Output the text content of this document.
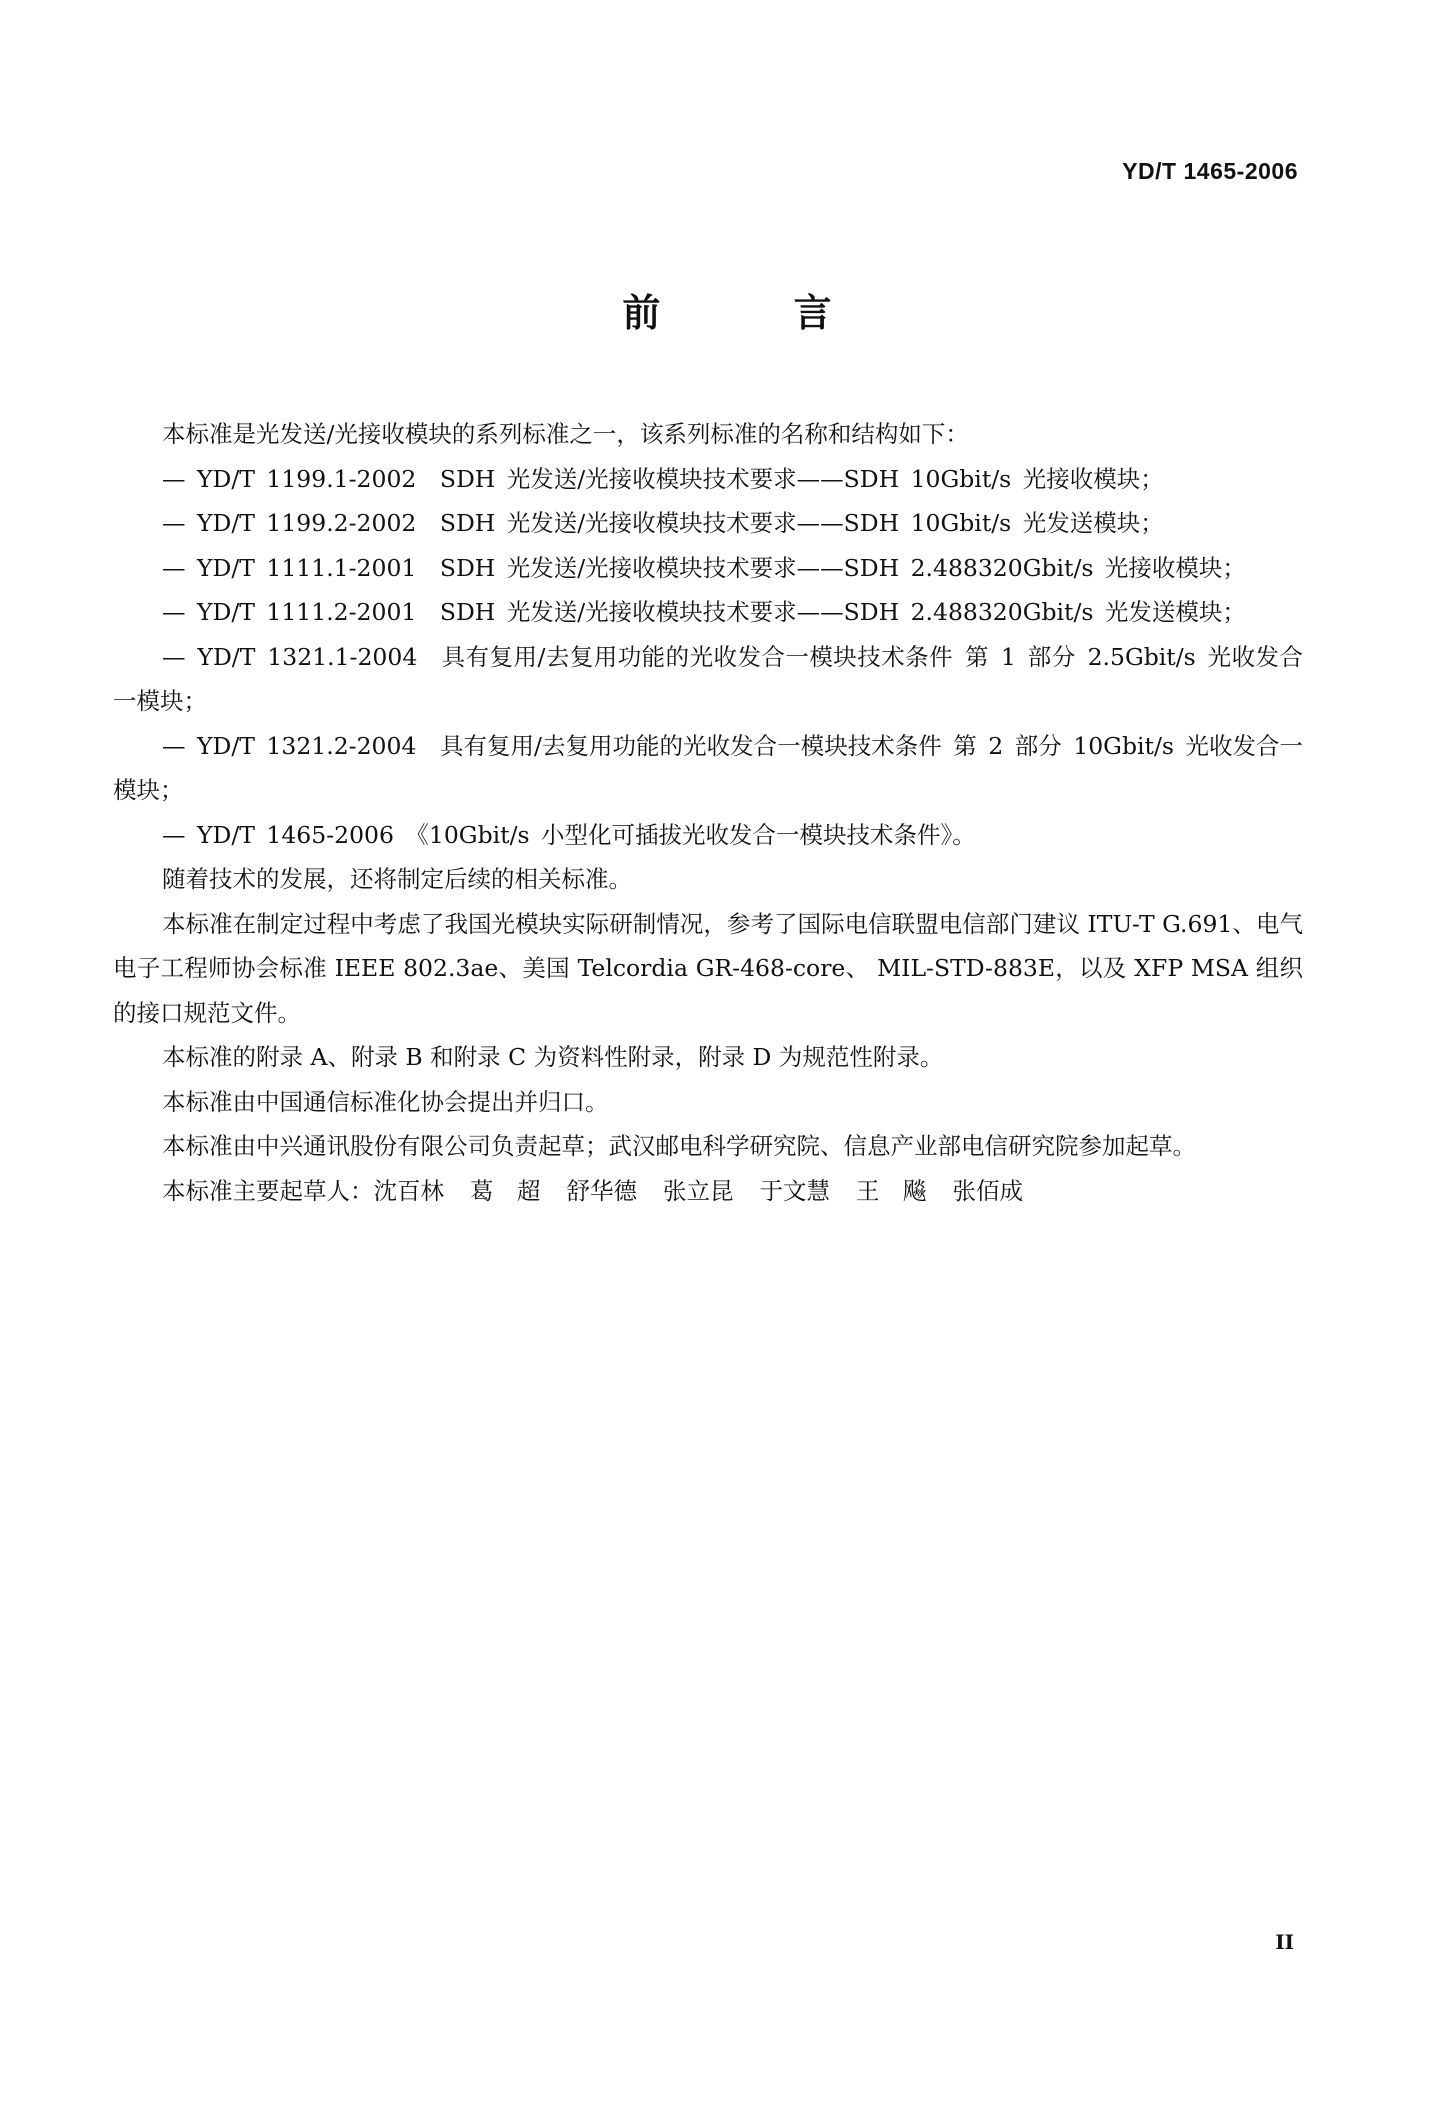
YD/T 1465-2006
前 言

本标准是光发送/光接收模块的系列标准之一，该系列标准的名称和结构如下：

— YD/T 1199.1-2002　SDH 光发送/光接收模块技术要求——SDH 10Gbit/s 光接收模块；

— YD/T 1199.2-2002　SDH 光发送/光接收模块技术要求——SDH 10Gbit/s 光发送模块；

— YD/T 1111.1-2001　SDH 光发送/光接收模块技术要求——SDH 2.488320Gbit/s 光接收模块；

— YD/T 1111.2-2001　SDH 光发送/光接收模块技术要求——SDH 2.488320Gbit/s 光发送模块；

— YD/T 1321.1-2004　具有复用/去复用功能的光收发合一模块技术条件 第 1 部分 2.5Gbit/s 光收发合一模块；

— YD/T 1321.2-2004　具有复用/去复用功能的光收发合一模块技术条件 第 2 部分 10Gbit/s 光收发合一模块；

— YD/T 1465-2006 《10Gbit/s 小型化可插拔光收发合一模块技术条件》。

随着技术的发展，还将制定后续的相关标准。

本标准在制定过程中考虑了我国光模块实际研制情况，参考了国际电信联盟电信部门建议 ITU-T G.691、电气电子工程师协会标准 IEEE 802.3ae、美国 Telcordia GR-468-core、 MIL-STD-883E，以及 XFP MSA 组织的接口规范文件。

本标准的附录 A、附录 B 和附录 C 为资料性附录，附录 D 为规范性附录。

本标准由中国通信标准化协会提出并归口。

本标准由中兴通讯股份有限公司负责起草；武汉邮电科学研究院、信息产业部电信研究院参加起草。

本标准主要起草人：沈百林 葛　超 舒华德 张立昆 于文慧 王　飚 张佰成

II
